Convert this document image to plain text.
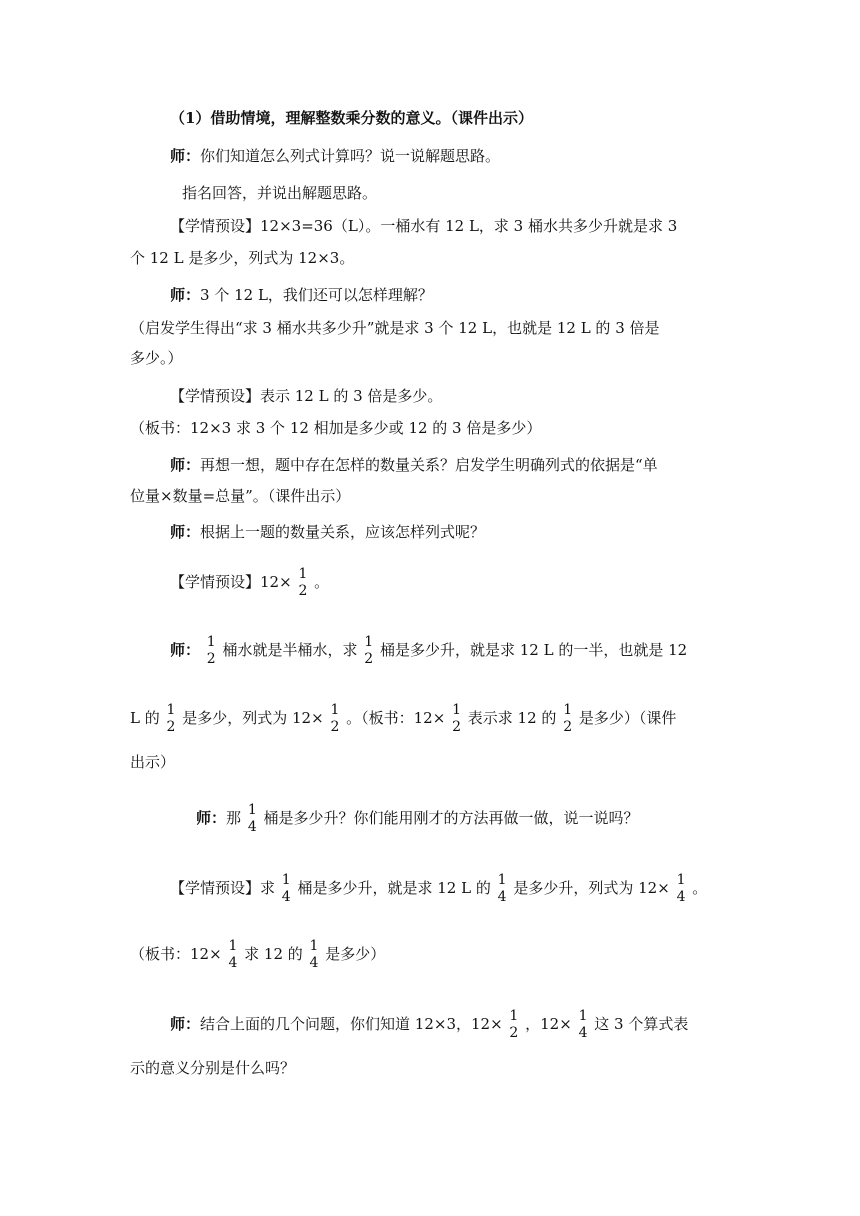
（1）借助情境，理解整数乘分数的意义。（课件出示）
师：你们知道怎么列式计算吗？说一说解题思路。
指名回答，并说出解题思路。
【学情预设】12×3=36（L）。一桶水有 12 L，求 3 桶水共多少升就是求 3
个 12 L 是多少，列式为 12×3。
师：3 个 12 L，我们还可以怎样理解？
（启发学生得出“求 3 桶水共多少升”就是求 3 个 12 L，也就是 12 L 的 3 倍是
多少。）
【学情预设】表示 12 L 的 3 倍是多少。
（板书：12×3 求 3 个 12 相加是多少或 12 的 3 倍是多少）
师：再想一想，题中存在怎样的数量关系？启发学生明确列式的依据是“单
位量×数量=总量”。（课件出示）
师：根据上一题的数量关系，应该怎样列式呢？
【学情预设】12× 1
2 。
师： 1
2 桶水就是半桶水，求 1
2 桶是多少升，就是求 12 L 的一半，也就是 12
L 的 1
2 是多少，列式为 12× 1
2 。（板书：12× 1
2 表示求 12 的 1
2 是多少）（课件
出示）
师：那 1
4 桶是多少升？你们能用刚才的方法再做一做，说一说吗？
【学情预设】求 1
4 桶是多少升，就是求 12 L 的 1
4 是多少升，列式为 12× 1
4 。
（板书：12× 1
4 求 12 的 1
4 是多少）
师：结合上面的几个问题，你们知道 12×3，12× 1
2 ，12× 1
4 这 3 个算式表
示的意义分别是什么吗？
